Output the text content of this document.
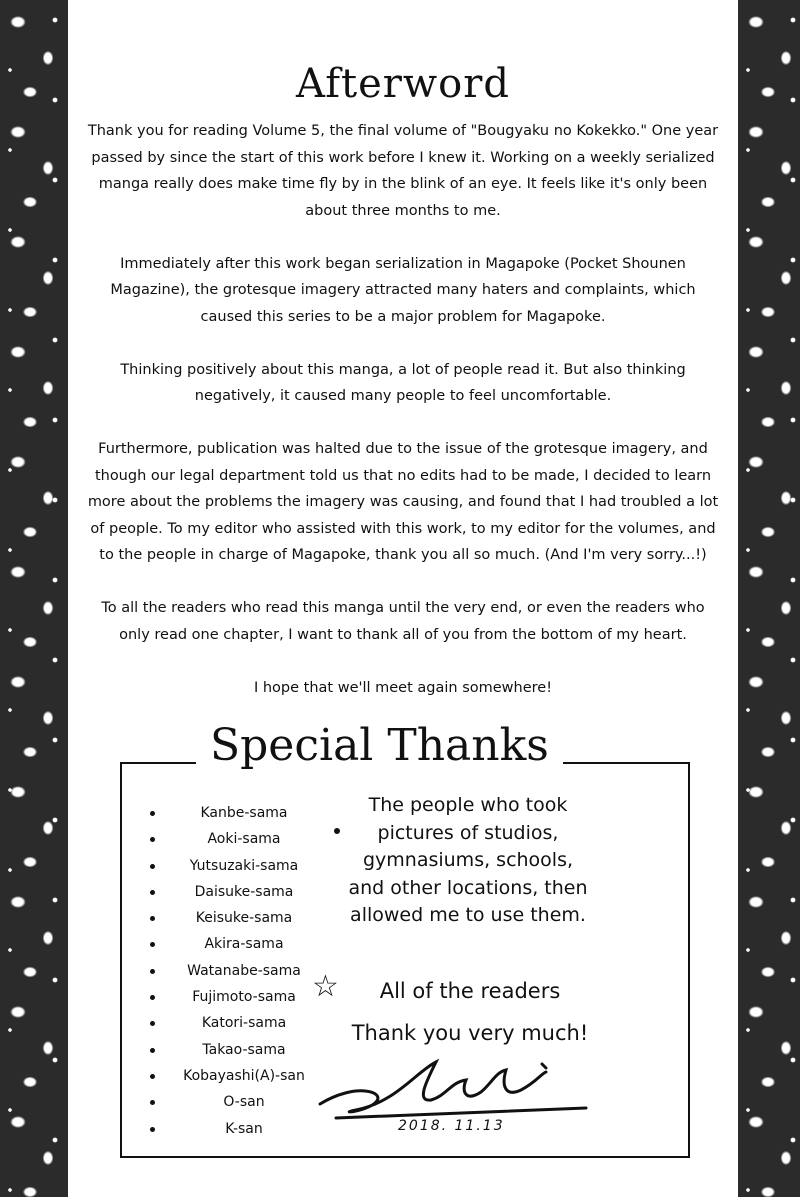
Afterword

Thank you for reading Volume 5, the final volume of "Bougyaku no Kokekko." One year passed by since the start of this work before I knew it. Working on a weekly serialized manga really does make time fly by in the blink of an eye. It feels like it's only been about three months to me.

Immediately after this work began serialization in Magapoke (Pocket Shounen Magazine), the grotesque imagery attracted many haters and complaints, which caused this series to be a major problem for Magapoke.

Thinking positively about this manga, a lot of people read it. But also thinking negatively, it caused many people to feel uncomfortable.

Furthermore, publication was halted due to the issue of the grotesque imagery, and though our legal department told us that no edits had to be made, I decided to learn more about the problems the imagery was causing, and found that I had troubled a lot of people. To my editor who assisted with this work, to my editor for the volumes, and to the people in charge of Magapoke, thank you all so much. (And I'm very sorry...!)

To all the readers who read this manga until the very end, or even the readers who only read one chapter, I want to thank all of you from the bottom of my heart.

I hope that we'll meet again somewhere!

Special Thanks
Kanbe-sama
Aoki-sama
Yutsuzaki-sama
Daisuke-sama
Keisuke-sama
Akira-sama
Watanabe-sama
Fujimoto-sama
Katori-sama
Takao-sama
Kobayashi(A)-san
O-san
K-san
The people who took pictures of studios, gymnasiums, schools, and other locations, then allowed me to use them.
☆	All of the readers
Thank you very much!
2018. 11.13
